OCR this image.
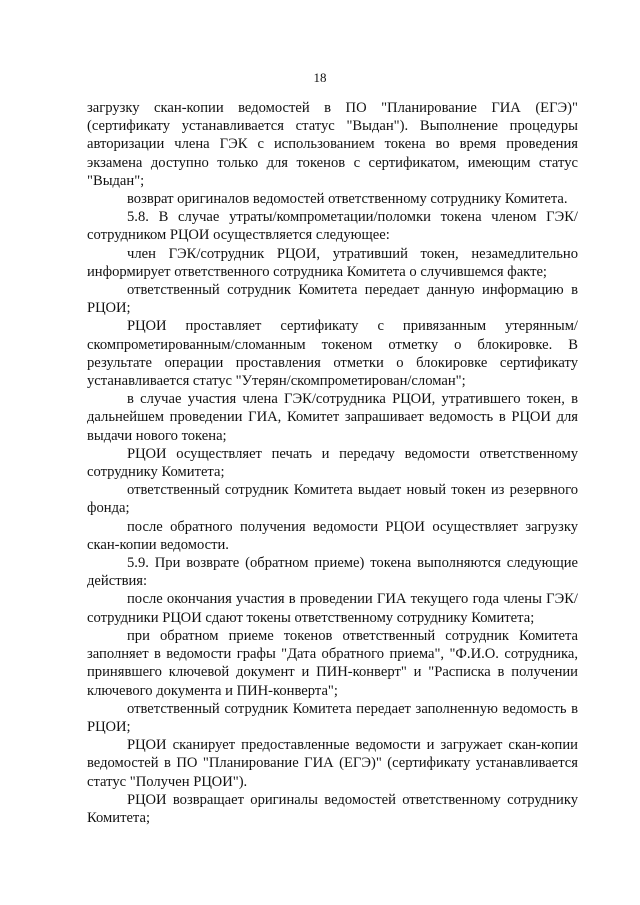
18

загрузку скан-копии ведомостей в ПО "Планирование ГИА (ЕГЭ)" (сертификату устанавливается статус "Выдан"). Выполнение процедуры авторизации члена ГЭК с использованием токена во время проведения экзамена доступно только для токенов с сертификатом, имеющим статус "Выдан";

возврат оригиналов ведомостей ответственному сотруднику Комитета.

5.8. В случае утраты/компрометации/поломки токена членом ГЭК/сотрудником РЦОИ осуществляется следующее:

член ГЭК/сотрудник РЦОИ, утративший токен, незамедлительно информирует ответственного сотрудника Комитета о случившемся факте;

ответственный сотрудник Комитета передает данную информацию в РЦОИ;

РЦОИ проставляет сертификату с привязанным утерянным/ скомпрометированным/сломанным токеном отметку о блокировке. В результате операции проставления отметки о блокировке сертификату устанавливается статус "Утерян/скомпрометирован/сломан";

в случае участия члена ГЭК/сотрудника РЦОИ, утратившего токен, в дальнейшем проведении ГИА, Комитет запрашивает ведомость в РЦОИ для выдачи нового токена;

РЦОИ осуществляет печать и передачу ведомости ответственному сотруднику Комитета;

ответственный сотрудник Комитета выдает новый токен из резервного фонда;

после обратного получения ведомости РЦОИ осуществляет загрузку скан-копии ведомости.

5.9. При возврате (обратном приеме) токена выполняются следующие действия:

после окончания участия в проведении ГИА текущего года члены ГЭК/сотрудники РЦОИ сдают токены ответственному сотруднику Комитета;

при обратном приеме токенов ответственный сотрудник Комитета заполняет в ведомости графы "Дата обратного приема", "Ф.И.О. сотрудника, принявшего ключевой документ и ПИН-конверт" и "Расписка в получении ключевого документа и ПИН-конверта";

ответственный сотрудник Комитета передает заполненную ведомость в РЦОИ;

РЦОИ сканирует предоставленные ведомости и загружает скан-копии ведомостей в ПО "Планирование ГИА (ЕГЭ)" (сертификату устанавливается статус "Получен РЦОИ").

РЦОИ возвращает оригиналы ведомостей ответственному сотруднику Комитета;
